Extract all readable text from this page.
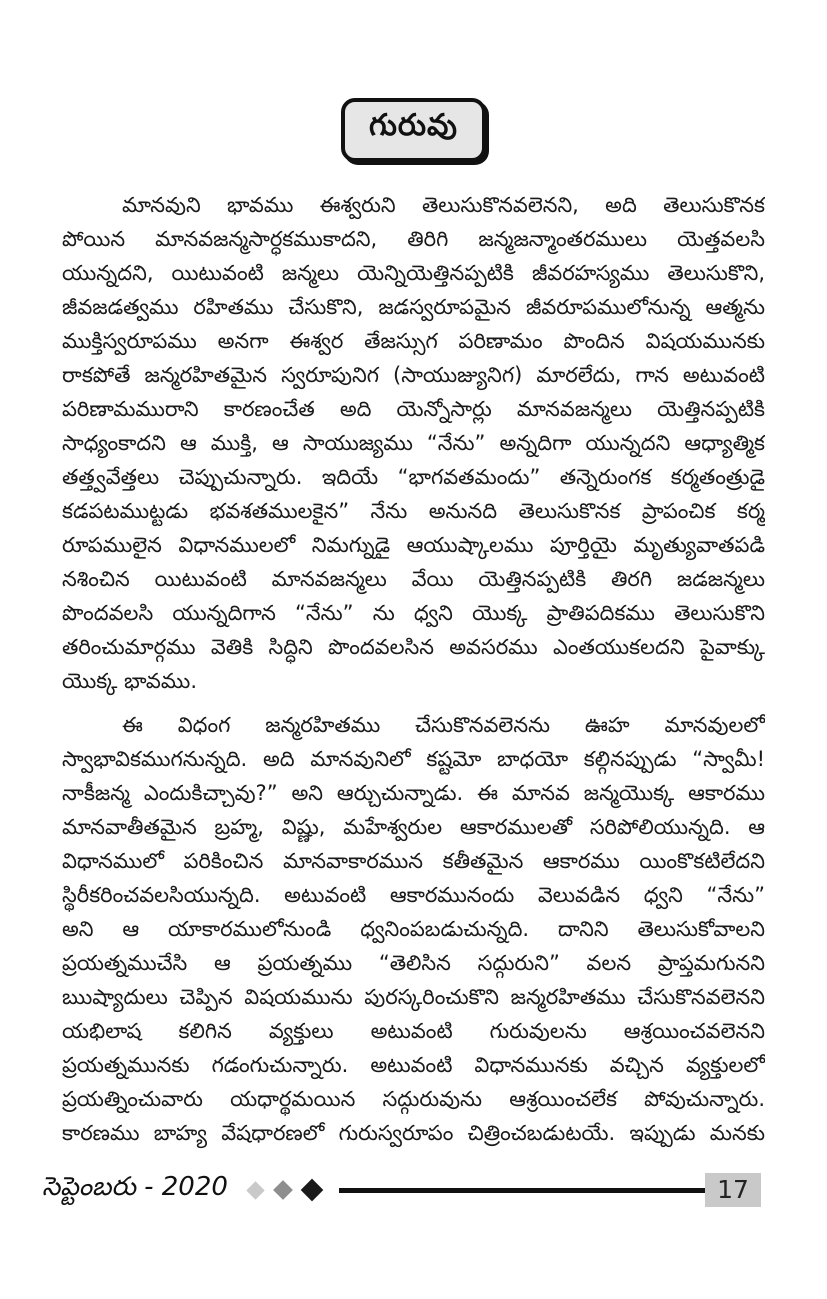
గురువు
మానవుని భావము ఈశ్వరుని తెలుసుకొనవలెనని, అది తెలుసుకొనక
పోయిన మానవజన్మసార్ధకముకాదని, తిరిగి జన్మజన్మాంతరములు యెత్తవలసి
యున్నదని, యిటువంటి జన్మలు యెన్నియెత్తినప్పటికి జీవరహస్యము తెలుసుకొని,
జీవజడత్వము రహితము చేసుకొని, జడస్వరూపమైన జీవరూపములోనున్న ఆత్మను
ముక్తిస్వరూపము అనగా ఈశ్వర తేజస్సుగ పరిణామం పొందిన విషయమునకు
రాకపోతే జన్మరహితమైన స్వరూపునిగ (సాయుజ్యునిగ) మారలేదు, గాన అటువంటి
పరిణామమురాని కారణంచేత అది యెన్నోసార్లు మానవజన్మలు యెత్తినప్పటికి
సాధ్యంకాదని ఆ ముక్తి, ఆ సాయుజ్యము “నేను” అన్నదిగా యున్నదని ఆధ్యాత్మిక
తత్త్వవేత్తలు చెప్పుచున్నారు. ఇదియే “భాగవతమందు” తన్నెరుంగక కర్మతంత్రుడై
కడపటముట్టడు భవశతములకైన” నేను అనునది తెలుసుకొనక ప్రాపంచిక కర్మ
రూపములైన విధానములలో నిమగ్నుడై ఆయుష్కాలము పూర్తియై మృత్యువాతపడి
నశించిన యిటువంటి మానవజన్మలు వేయి యెత్తినప్పటికి తిరగి జడజన్మలు
పొందవలసి యున్నదిగాన “నేను” ను ధ్వని యొక్క ప్రాతిపదికము తెలుసుకొని
తరించుమార్గము వెతికి సిద్ధిని పొందవలసిన అవసరము ఎంతయుకలదని పైవాక్కు
యొక్క భావము.
ఈ విధంగ జన్మరహితము చేసుకొనవలెనను ఊహ మానవులలో
స్వాభావికముగనున్నది. అది మానవునిలో కష్టమో బాధయో కల్గినప్పుడు “స్వామీ!
నాకీజన్మ ఎందుకిచ్చావు?” అని ఆర్చుచున్నాడు. ఈ మానవ జన్మయొక్క ఆకారము
మానవాతీతమైన బ్రహ్మ, విష్ణు, మహేశ్వరుల ఆకారములతో సరిపోలియున్నది. ఆ
విధానములో పరికించిన మానవాకారమున కతీతమైన ఆకారము యింకొకటిలేదని
స్థిరీకరించవలసియున్నది. అటువంటి ఆకారమునందు వెలువడిన ధ్వని “నేను”
అని ఆ యాకారములోనుండి ధ్వనింపబడుచున్నది. దానిని తెలుసుకోవాలని
ప్రయత్నముచేసి ఆ ప్రయత్నము “తెలిసిన సద్గురుని” వలన ప్రాప్తమగునని
ఋష్యాదులు చెప్పిన విషయమును పురస్కరించుకొని జన్మరహితము చేసుకొనవలెనని
యభిలాష కలిగిన వ్యక్తులు అటువంటి గురువులను ఆశ్రయించవలెనని
ప్రయత్నమునకు గడంగుచున్నారు. అటువంటి విధానమునకు వచ్చిన వ్యక్తులలో
ప్రయత్నించువారు యధార్థమయిన సద్గురువును ఆశ్రయించలేక పోవుచున్నారు.
కారణము బాహ్య వేషధారణలో గురుస్వరూపం చిత్రించబడుటయే. ఇప్పుడు మనకు
సెప్టెంబరు - 2020	17
